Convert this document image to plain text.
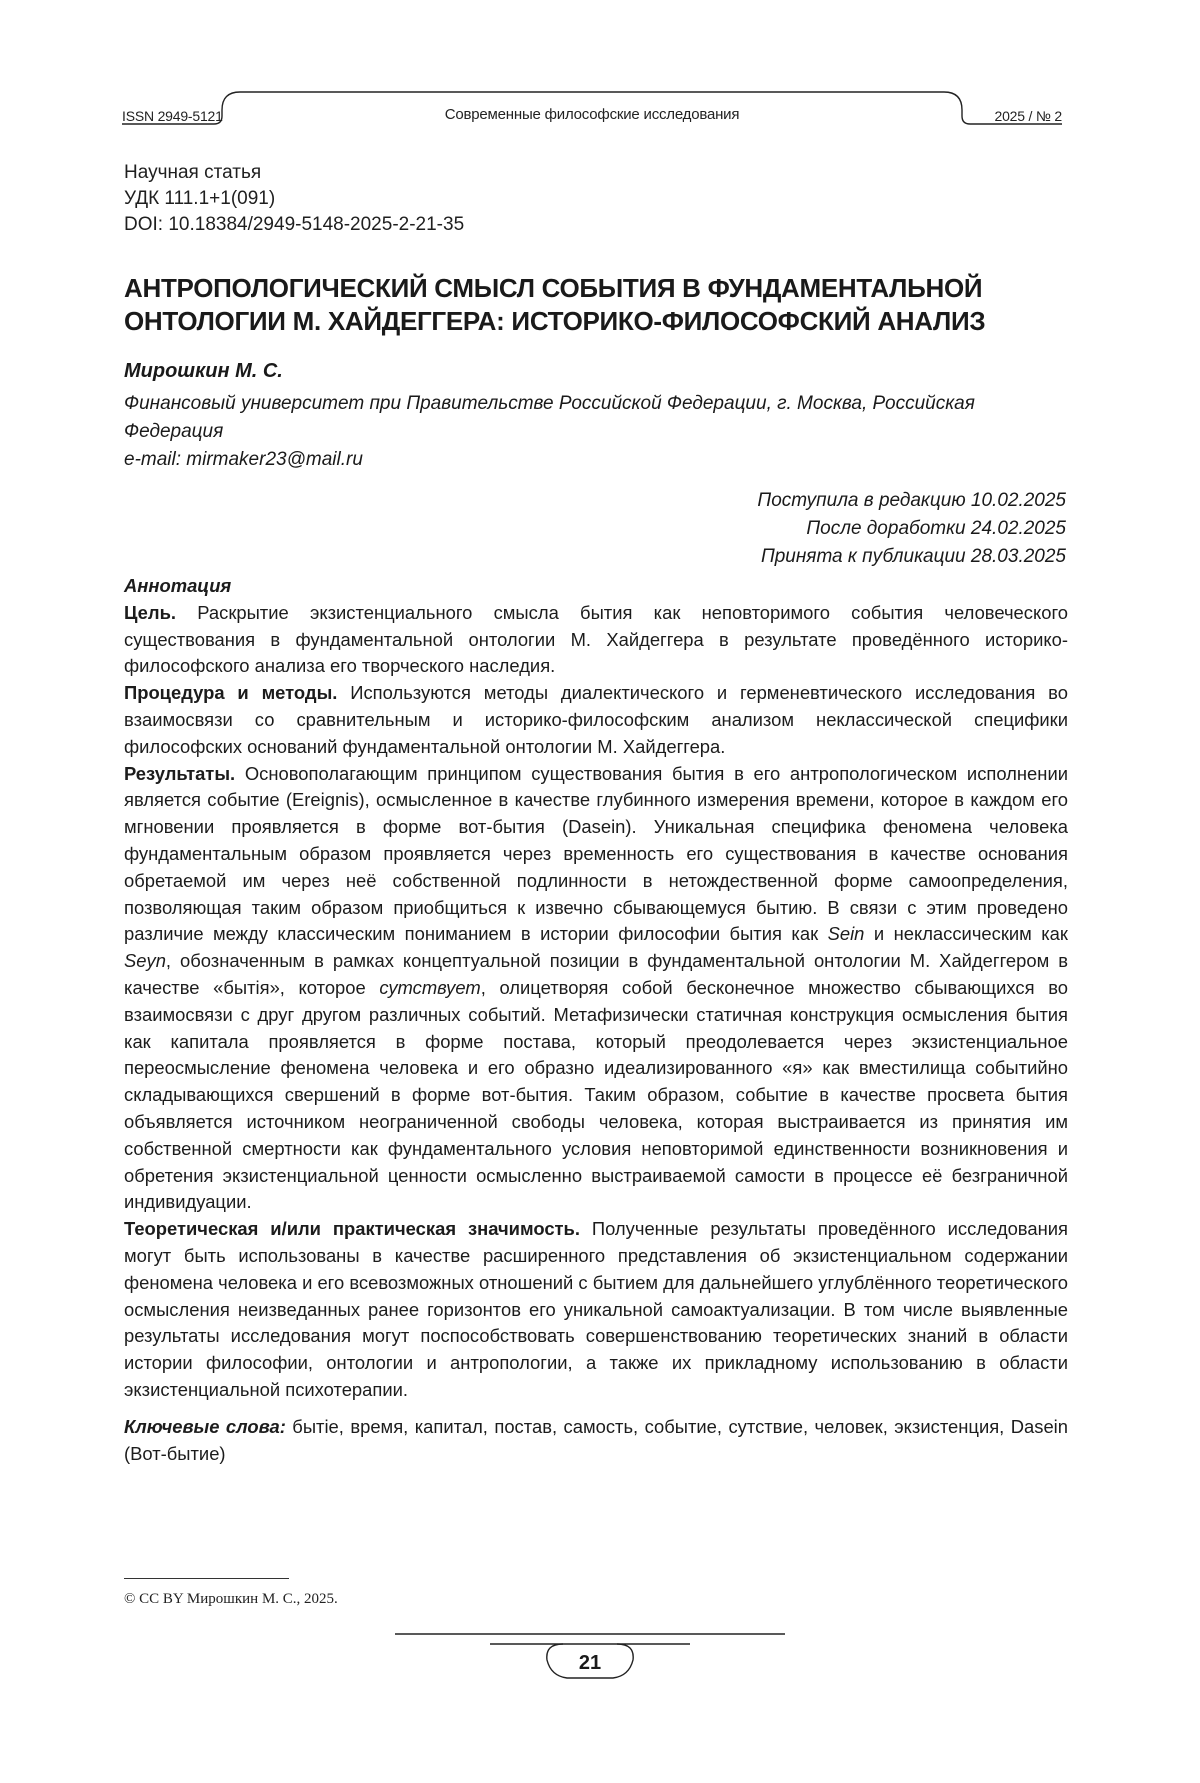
ISSN 2949-5121	Современные философские исследования	2025 / № 2
Научная статья
УДК 111.1+1(091)
DOI: 10.18384/2949-5148-2025-2-21-35
АНТРОПОЛОГИЧЕСКИЙ СМЫСЛ СОБЫТИЯ В ФУНДАМЕНТАЛЬНОЙ
ОНТОЛОГИИ М. ХАЙДЕГГЕРА: ИСТОРИКО-ФИЛОСОФСКИЙ АНАЛИЗ
Мирошкин М. С.
Финансовый университет при Правительстве Российской Федерации, г. Москва, Российская
Федерация
e-mail: mirmaker23@mail.ru
Поступила в редакцию 10.02.2025
После доработки 24.02.2025
Принята к публикации 28.03.2025
Аннотация

Цель. Раскрытие экзистенциального смысла бытия как неповторимого события человеческого существования в фундаментальной онтологии М. Хайдеггера в результате проведённого историко-философского анализа его творческого наследия.

Процедура и методы. Используются методы диалектического и герменевтического исследования во взаимосвязи со сравнительным и историко-философским анализом неклассической специфики философских оснований фундаментальной онтологии М. Хайдеггера.

Результаты. Основополагающим принципом существования бытия в его антропологическом исполнении является событие (Ereignis), осмысленное в качестве глубинного измерения времени, которое в каждом его мгновении проявляется в форме вот-бытия (Dasein). Уникальная специфика феномена человека фундаментальным образом проявляется через временность его существования в качестве основания обретаемой им через неё собственной подлинности в нетождественной форме самоопределения, позволяющая таким образом приобщиться к извечно сбывающемуся бытию. В связи с этим проведено различие между классическим пониманием в истории философии бытия как Sein и неклассическим как Seyn, обозначенным в рамках концептуальной позиции в фундаментальной онтологии М. Хайдеггером в качестве «бытiя», которое сутствует, олицетворяя собой бесконечное множество сбывающихся во взаимосвязи с друг другом различных событий. Метафизически статичная конструкция осмысления бытия как капитала проявляется в форме постава, который преодолевается через экзистенциальное переосмысление феномена человека и его образно идеализированного «я» как вместилища событийно складывающихся свершений в форме вот-бытия. Таким образом, событие в качестве просвета бытия объявляется источником неограниченной свободы человека, которая выстраивается из принятия им собственной смертности как фундаментального условия неповторимой единственности возникновения и обретения экзистенциальной ценности осмысленно выстраиваемой самости в процессе её безграничной индивидуации.

Теоретическая и/или практическая значимость. Полученные результаты проведённого исследования могут быть использованы в качестве расширенного представления об экзистенциальном содержании феномена человека и его всевозможных отношений с бытием для дальнейшего углублённого теоретического осмысления неизведанных ранее горизонтов его уникальной самоактуализации. В том числе выявленные результаты исследования могут поспособствовать совершенствованию теоретических знаний в области истории философии, онтологии и антропологии, а также их прикладному использованию в области экзистенциальной психотерапии.

Ключевые слова: бытiе, время, капитал, постав, самость, событие, сутствие, человек, экзистенция, Dasein (Вот-бытие)

© CC BY Мирошкин М. С., 2025.
21
